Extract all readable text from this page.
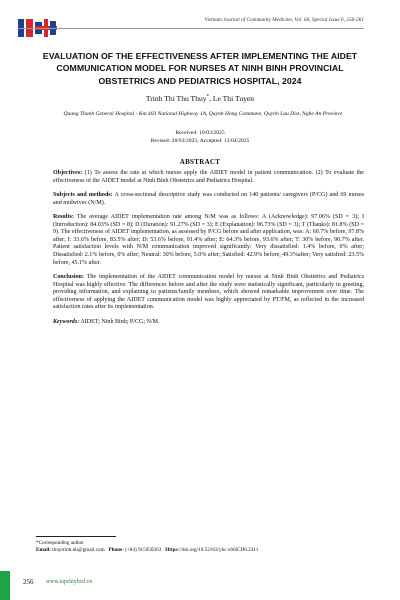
Vietnam Journal of Community Medicine, Vol. 66, Special Issue 6, 256-261
EVALUATION OF THE EFFECTIVENESS AFTER IMPLEMENTING THE AIDET COMMUNICATION MODEL FOR NURSES AT NINH BINH PROVINCIAL OBSTETRICS AND PEDIATRICS HOSPITAL, 2024
Trinh Thi Thu Thuy*, Le Thi Tuyen
Quang Thanh General Hospital - Km 403 National Highway 1A, Quynh Hong Commune, Quynh Luu Dist, Nghe An Province
Received: 10/03/2025
Revised: 28/03/2025; Accepted: 13/04/2025
ABSTRACT

Objectives: (1) To assess the rate at which nurses apply the AIDET model in patient communication. (2) To evaluate the effectiveness of the AIDET model at Ninh Binh Obstetrics and Pediatrics Hospital.

Subjects and methods: A cross-sectional descriptive study was conducted on 140 patients/ caregivers (P/CG) and 69 nurses and midwives (N/M).

Results: The average AIDET implementation rate among N/M was as follows: A (Acknowledge): 97.06% (SD = 3); I (Introduction): 84.03% (SD = 8); D (Duration): 91.27% (SD = 3); E (Explanation): 96.73% (SD = 3); T (Thanks): 81.8% (SD = 9). The effectiveness of AIDET implementation, as assessed by P/CG before and after application, was: A: 60.7% before, 97.8% after; I: 33.6% before, 83.5% after; D: 53.6% before, 91.4% after; E: 64.3% before, 93.6% after; T: 30% before, 90.7% after. Patient satisfaction levels with N/M communication improved significantly: Very dissatisfied: 1.4% before, 0% after; Dissatisfied: 2.1% before, 0% after; Neutral: 30% before, 5.0% after; Satisfied: 42.9% before, 49.3%after; Very satisfied: 23.5% before, 45.1% after.

Conclusion: The implementation of the AIDET communication model by nurses at Ninh Binh Obstetrics and Pediatrics Hospital was highly effective. The differences before and after the study were statistically significant, particularly in greeting, providing information, and explaining to patients/family members, which showed remarkable improvement over time. The effectiveness of applying the AIDET communication model was highly appreciated by PT/FM, as reflected in the increased satisfaction rates after its implementation.

Keywords: AIDET; Ninh Binh; P/CG; N/M.

*Corresponding author
Email: thuytrinh.nb@gmail.com Phone: (+84) 915950363 Https://doi.org/10.52163/yhc.v66iCD6.2311
256 www.tapchiyhcd.vn
